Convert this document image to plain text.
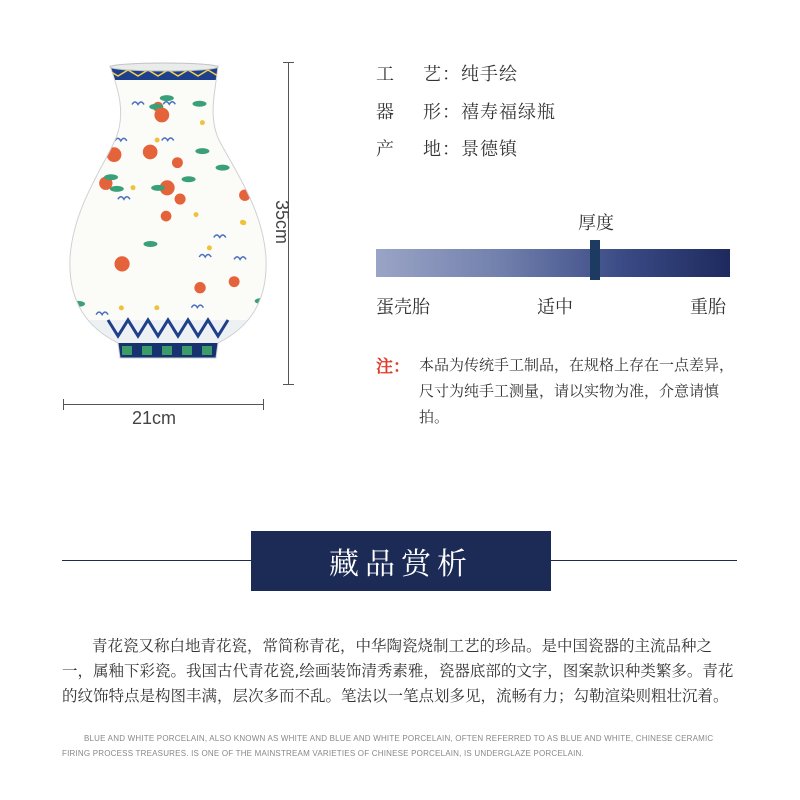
35cm
21cm
工 艺：纯手绘
器 形：禧寿福绿瓶
产 地：景德镇
厚度
蛋壳胎	适中	重胎
注： 本品为传统手工制品，在规格上存在一点差异，尺寸为纯手工测量，请以实物为准，介意请慎拍。
藏品赏析
青花瓷又称白地青花瓷，常简称青花，中华陶瓷烧制工艺的珍品。是中国瓷器的主流品种之一，属釉下彩瓷。我国古代青花瓷,绘画装饰清秀素雅，瓷器底部的文字，图案款识种类繁多。青花的纹饰特点是构图丰满，层次多而不乱。笔法以一笔点划多见，流畅有力；勾勒渲染则粗壮沉着。
BLUE AND WHITE PORCELAIN, ALSO KNOWN AS WHITE AND BLUE AND WHITE PORCELAIN, OFTEN REFERRED TO AS BLUE AND WHITE, CHINESE CERAMIC FIRING PROCESS TREASURES. IS ONE OF THE MAINSTREAM VARIETIES OF CHINESE PORCELAIN, IS UNDERGLAZE PORCELAIN.
